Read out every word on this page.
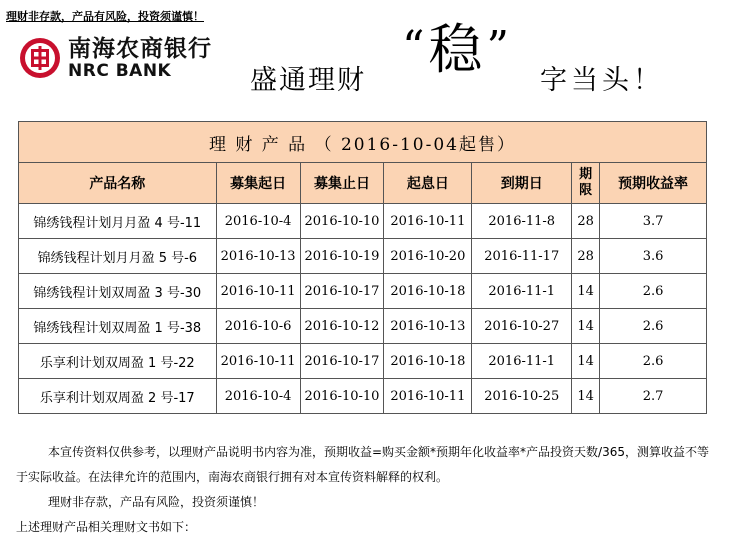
理财非存款，产品有风险，投资须谨慎！
南海农商银行
NRC BANK	盛通理财
“稳”
字当头！
理 财 产 品 （ 2016-10-04起售）						
产品名称	募集起日	募集止日	起息日	到期日	期限	预期收益率
锦绣钱程计划月月盈 4 号-11	2016-10-4	2016-10-10	2016-10-11	2016-11-8	28	3.7
锦绣钱程计划月月盈 5 号-6	2016-10-13	2016-10-19	2016-10-20	2016-11-17	28	3.6
锦绣钱程计划双周盈 3 号-30	2016-10-11	2016-10-17	2016-10-18	2016-11-1	14	2.6
锦绣钱程计划双周盈 1 号-38	2016-10-6	2016-10-12	2016-10-13	2016-10-27	14	2.6
乐享利计划双周盈 1 号-22	2016-10-11	2016-10-17	2016-10-18	2016-11-1	14	2.6
乐享利计划双周盈 2 号-17	2016-10-4	2016-10-10	2016-10-11	2016-10-25	14	2.7

本宣传资料仅供参考，以理财产品说明书内容为准，预期收益=购买金额*预期年化收益率*产品投资天数/365，测算收益不等于实际收益。在法律允许的范围内，南海农商银行拥有对本宣传资料解释的权利。

理财非存款，产品有风险，投资须谨慎！

上述理财产品相关理财文书如下：
